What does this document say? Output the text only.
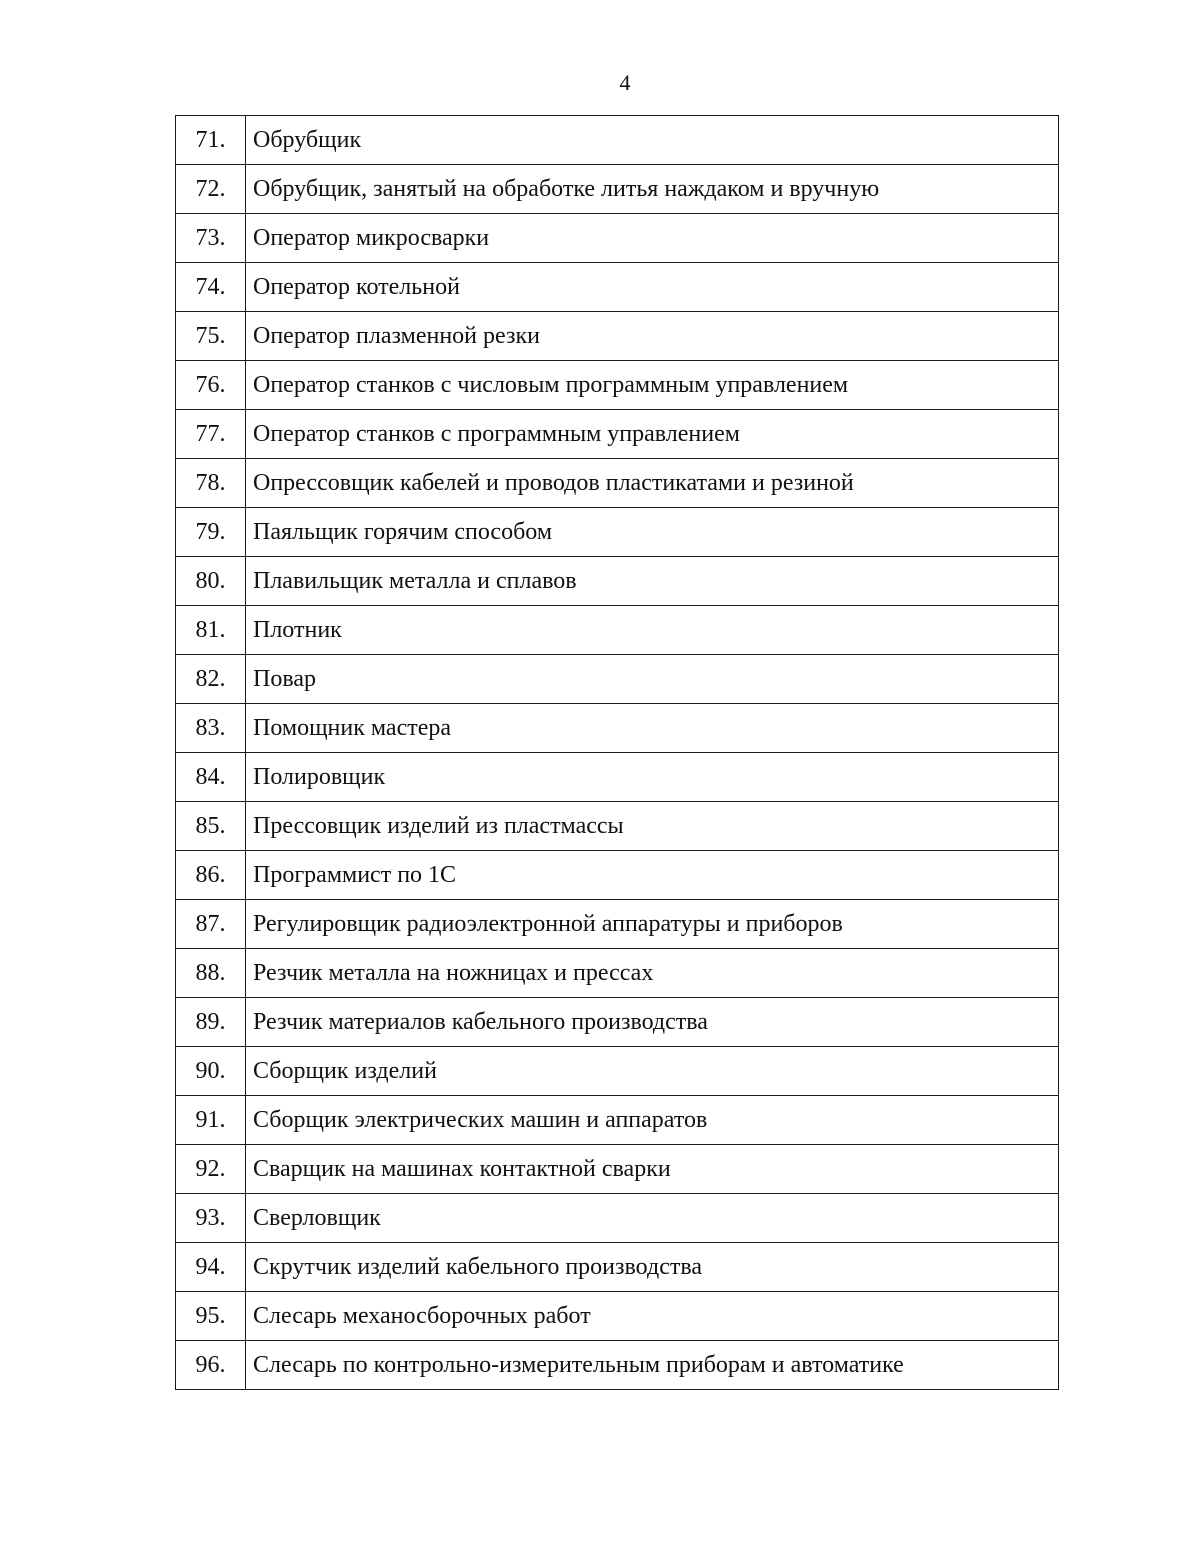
4
71.	Обрубщик
72.	Обрубщик, занятый на обработке литья наждаком и вручную
73.	Оператор микросварки
74.	Оператор котельной
75.	Оператор плазменной резки
76.	Оператор станков с числовым программным управлением
77.	Оператор станков с программным управлением
78.	Опрессовщик кабелей и проводов пластикатами и резиной
79.	Паяльщик горячим способом
80.	Плавильщик металла и сплавов
81.	Плотник
82.	Повар
83.	Помощник мастера
84.	Полировщик
85.	Прессовщик изделий из пластмассы
86.	Программист по 1С
87.	Регулировщик радиоэлектронной аппаратуры и приборов
88.	Резчик металла на ножницах и прессах
89.	Резчик материалов кабельного производства
90.	Сборщик изделий
91.	Сборщик электрических машин и аппаратов
92.	Сварщик на машинах контактной сварки
93.	Сверловщик
94.	Скрутчик изделий кабельного производства
95.	Слесарь механосборочных работ
96.	Слесарь по контрольно-измерительным приборам и автоматике
